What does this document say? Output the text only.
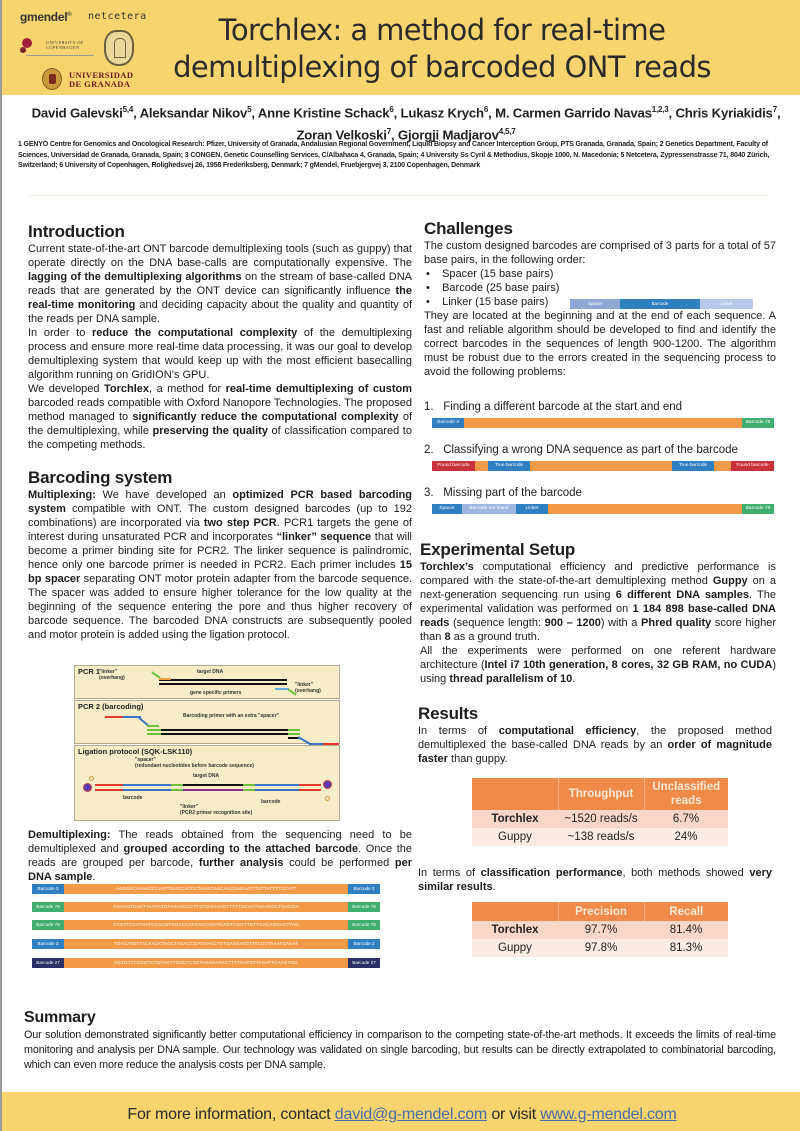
gmendel® netcetera
UNIVERSITY OF
COPENHAGEN
UNIVERSIDAD
DE GRANADA
Torchlex: a method for real-time
demultiplexing of barcoded ONT reads
David Galevski$^{5,4}$, Aleksandar Nikov$^5$, Anne Kristine Schack$^6$, Lukasz Krych$^6$, M. Carmen Garrido Navas$^{1,2,3}$, Chris Kyriakidis$^7$, Zoran Velkoski$^7$, Gjorgji Madjarov$^{4,5,7}$
1 GENYO Centre for Genomics and Oncological Research: Pfizer, University of Granada, Andalusian Regional Government, Liquid Biopsy and Cancer Interception Group, PTS Granada, Granada, Spain; 2 Genetics Department, Faculty of Sciences, Universidad de Granada, Granada, Spain; 3 CONGEN, Genetic Counselling Services, C/Albahaca 4, Granada, Spain; 4 University Ss Cyril & Methodius, Skopje 1000, N. Macedonia; 5 Netcetera, Zypressenstrasse 71, 8040 Zürich, Switzerland; 6 University of Copenhagen, Rolighedsvej 26, 1958 Frederiksberg, Denmark; 7 gMendel, Fruebjergvej 3, 2100 Copenhagen, Denmark
Introduction

Current state-of-the-art ONT barcode demultiplexing tools (such as guppy) that operate directly on the DNA base-calls are computationally expensive. The lagging of the demultiplexing algorithms on the stream of base-called DNA reads that are generated by the ONT device can significantly influence the real-time monitoring and deciding capacity about the quality and quantity of the reads per DNA sample.

In order to reduce the computational complexity of the demultiplexing process and ensure more real-time data processing, it was our goal to develop demultiplexing system that would keep up with the most efficient basecalling algorithm running on GridION’s GPU.

We developed Torchlex, a method for real-time demultiplexing of custom barcoded reads compatible with Oxford Nanopore Technologies. The proposed method managed to significantly reduce the computational complexity of the demultiplexing, while preserving the quality of classification compared to the competing methods.

Barcoding system

Multiplexing: We have developed an optimized PCR based barcoding system compatible with ONT. The custom designed barcodes (up to 192 combinations) are incorporated via two step PCR. PCR1 targets the gene of interest during unsaturated PCR and incorporates “linker” sequence that will become a primer binding site for PCR2. The linker sequence is palindromic, hence only one barcode primer is needed in PCR2. Each primer includes 15 bp spacer separating ONT motor protein adapter from the barcode sequence. The spacer was added to ensure higher tolerance for the low quality at the beginning of the sequence entering the pore and thus higher recovery of barcode sequence. The barcoded DNA constructs are subsequently pooled and motor protein is added using the ligation protocol.

Demultiplexing: The reads obtained from the sequencing need to be demultiplexed and grouped according to the attached barcode. Once the reads are grouped per barcode, further analysis could be performed per DNA sample.

PCR 1
"linker"
(overhang)
target DNA
"linker"
(overhang)
gene specific primers
PCR 2 (barcoding)
Barcoding primer with an extra "spacer"
Ligation protocol (SQK-LSK110)
"spacer"
(redundant nucleotides before barcode sequence)
target DNA
barcode
barcode
"linker"
(PCR2 primer recognition site)
Barcode 3	AAGGACAAAACCCAATTGACCACCCTAAGCAACAACGAGAATTTATTATTTTCCATT	Barcode 3
Barcode 78	CAAAGTCACTTAATGTGTAAAGCCCTTGTGGAAAGTTTTTGCACTGAAGGCTGAGGA	Barcode 78
Barcode 78	GTGTTCCATGATCCACGTGGACCATGACCAGATAAGTCGGTTGTTGACAGGACTTAG	Barcode 78
Barcode 3	TGACATGTTACAACKTAGCTAGACCGATGAACTGTGAAGATGTTACGTTAAATGAAAT	Barcode 3
Barcode 27	AGTGTTTGGGTCTGTAGTTGGCTCTGTAGAAAAGCTTTTGATGTTAGATTCAAGTGG	Barcode 27
Challenges

The custom designed barcodes are comprised of 3 parts for a total of 57 base pairs, in the following order:

•    Spacer (15 base pairs)
•    Barcode (25 base pairs)
•    Linker (15 base pairs)

They are located at the beginning and at the end of each sequence. A fast and reliable algorithm should be developed to find and identify the correct barcodes in the sequences of length 900-1200. The algorithm must be robust due to the errors created in the sequencing process to avoid the following problems:

Spacer	Barcode	Linker
1. Finding a different barcode at the start and end
Barcode 3	Barcode 78
2. Classifying a wrong DNA sequence as part of the barcode
Found barcode	True barcode	True barcode	Found barcode
3. Missing part of the barcode
Spacer	Barcode not found	Linker	Barcode 78
Experimental Setup

Torchlex’s computational efficiency and predictive performance is compared with the state-of-the-art demultiplexing method Guppy on a next-generation sequencing run using 6 different DNA samples. The experimental validation was performed on 1 184 898 base-called DNA reads (sequence length: 900 – 1200) with a Phred quality score higher than 8 as a ground truth.

All the experiments were performed on one referent hardware architecture (Intel i7 10th generation, 8 cores, 32 GB RAM, no CUDA) using thread parallelism of 10.

Results

In terms of computational efficiency, the proposed method demultiplexed the base-called DNA reads by an order of magnitude faster than guppy.

	Throughput	Unclassified reads
Torchlex	~1520 reads/s	6.7%
Guppy	~138 reads/s	24%

In terms of classification performance, both methods showed very similar results.

	Precision	Recall
Torchlex	97.7%	81.4%
Guppy	97.8%	81.3%
Summary

Our solution demonstrated significantly better computational efficiency in comparison to the competing state-of-the-art methods. It exceeds the limits of real-time monitoring and analysis per DNA sample. Our technology was validated on single barcoding, but results can be directly extrapolated to combinatorial barcoding, which can even more reduce the analysis costs per DNA sample.

For more information, contact david@g-mendel.com or visit www.g-mendel.com
